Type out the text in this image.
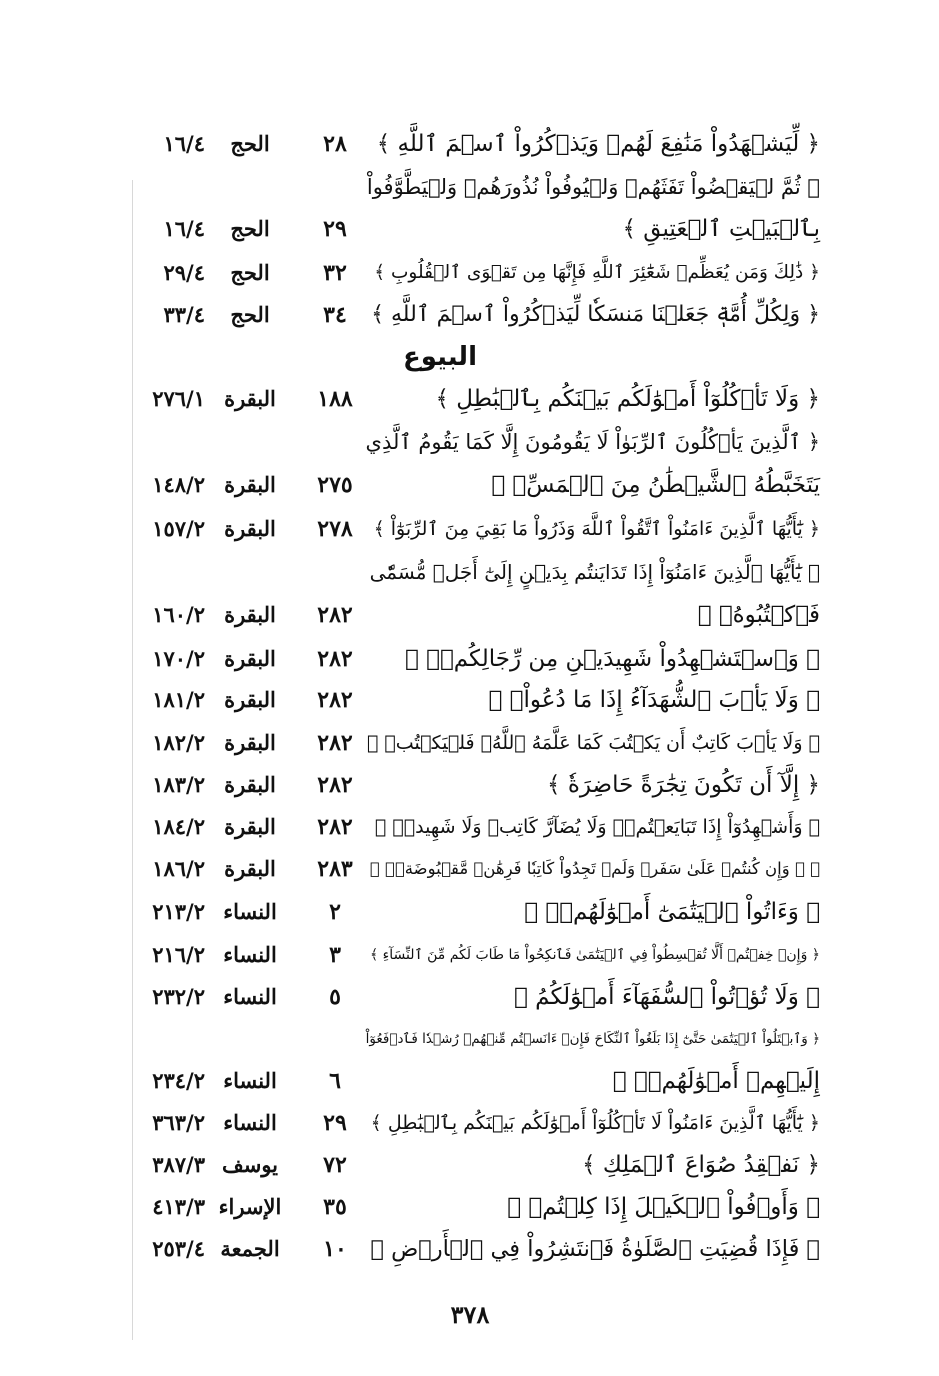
﴿ لِّيَشۡهَدُواْ مَنَٰفِعَ لَهُمۡ وَيَذۡكُرُواْ ٱسۡمَ ٱللَّهِ ﴾
٢٨
الحج
١٦/٤
﴿ ثُمَّ لۡيَقۡضُواْ تَفَثَهُمۡ وَلۡيُوفُواْ نُذُورَهُمۡ وَلۡيَطَّوَّفُواْ
بِٱلۡبَيۡتِ ٱلۡعَتِيقِ ﴾
٢٩
الحج
١٦/٤
﴿ ذَٰلِكَ وَمَن يُعَظِّمۡ شَعَٰٓئِرَ ٱللَّهِ فَإِنَّهَا مِن تَقۡوَى ٱلۡقُلُوبِ ﴾
٣٢
الحج
٢٩/٤
﴿ وَلِكُلِّ أُمَّةٖ جَعَلۡنَا مَنسَكٗا لِّيَذۡكُرُواْ ٱسۡمَ ٱللَّهِ ﴾
٣٤
الحج
٣٣/٤
﴿ وَلَا تَأۡكُلُوٓاْ أَمۡوَٰلَكُم بَيۡنَكُم بِٱلۡبَٰطِلِ ﴾
١٨٨
البقرة
٢٧٦/١
﴿ ٱلَّذِينَ يَأۡكُلُونَ ٱلرِّبَوٰاْ لَا يَقُومُونَ إِلَّا كَمَا يَقُومُ ٱلَّذِي
يَتَخَبَّطُهُ ٱلشَّيۡطَٰنُ مِنَ ٱلۡمَسِّۚ ﴾
٢٧٥
البقرة
١٤٨/٢
﴿ يَٰٓأَيُّهَا ٱلَّذِينَ ءَامَنُواْ ٱتَّقُواْ ٱللَّهَ وَذَرُواْ مَا بَقِيَ مِنَ ٱلرِّبَوٰٓاْ ﴾
٢٧٨
البقرة
١٥٧/٢
﴿ يَٰٓأَيُّهَا ٱلَّذِينَ ءَامَنُوٓاْ إِذَا تَدَايَنتُم بِدَيۡنٍ إِلَىٰٓ أَجَلٖ مُّسَمّٗى
فَٱكۡتُبُوهُۚ ﴾
٢٨٢
البقرة
١٦٠/٢
﴿ وَٱسۡتَشۡهِدُواْ شَهِيدَيۡنِ مِن رِّجَالِكُمۡۖ ﴾
٢٨٢
البقرة
١٧٠/٢
﴿ وَلَا يَأۡبَ ٱلشُّهَدَآءُ إِذَا مَا دُعُواْۚ ﴾
٢٨٢
البقرة
١٨١/٢
﴿ وَلَا يَأۡبَ كَاتِبٌ أَن يَكۡتُبَ كَمَا عَلَّمَهُ ٱللَّهُۚ فَلۡيَكۡتُبۡ ﴾
٢٨٢
البقرة
١٨٢/٢
﴿ إِلَّآ أَن تَكُونَ تِجَٰرَةً حَاضِرَةٗ ﴾
٢٨٢
البقرة
١٨٣/٢
﴿ وَأَشۡهِدُوٓاْ إِذَا تَبَايَعۡتُمۡۚ وَلَا يُضَآرَّ كَاتِبٞ وَلَا شَهِيدٞۚ ﴾
٢٨٢
البقرة
١٨٤/٢
﴿ ۞ وَإِن كُنتُمۡ عَلَىٰ سَفَرٖ وَلَمۡ تَجِدُواْ كَاتِبٗا فَرِهَٰنٞ مَّقۡبُوضَةٞۖ ﴾
٢٨٣
البقرة
١٨٦/٢
﴿ وَءَاتُواْ ٱلۡيَتَٰمَىٰٓ أَمۡوَٰلَهُمۡۖ ﴾
٢
النساء
٢١٣/٢
﴿ وَإِنۡ خِفۡتُمۡ أَلَّا تُقۡسِطُواْ فِي ٱلۡيَتَٰمَىٰ فَٱنكِحُواْ مَا طَابَ لَكُم مِّنَ ٱلنِّسَآءِ ﴾
٣
النساء
٢١٦/٢
﴿ وَلَا تُؤۡتُواْ ٱلسُّفَهَآءَ أَمۡوَٰلَكُمُ ﴾
٥
النساء
٢٣٢/٢
﴿ وَٱبۡتَلُواْ ٱلۡيَتَٰمَىٰ حَتَّىٰٓ إِذَا بَلَغُواْ ٱلنِّكَاحَ فَإِنۡ ءَانَسۡتُم مِّنۡهُمۡ رُشۡدٗا فَٱدۡفَعُوٓاْ
إِلَيۡهِمۡ أَمۡوَٰلَهُمۡۖ ﴾
٦
النساء
٢٣٤/٢
﴿ يَٰٓأَيُّهَا ٱلَّذِينَ ءَامَنُواْ لَا تَأۡكُلُوٓاْ أَمۡوَٰلَكُم بَيۡنَكُم بِٱلۡبَٰطِلِ ﴾
٢٩
النساء
٣٦٣/٢
﴿ نَفۡقِدُ صُوَاعَ ٱلۡمَلِكِ ﴾
٧٢
يوسف
٣٨٧/٣
﴿ وَأَوۡفُواْ ٱلۡكَيۡلَ إِذَا كِلۡتُمۡ ﴾
٣٥
الإسراء
٤١٣/٣
﴿ فَإِذَا قُضِيَتِ ٱلصَّلَوٰةُ فَٱنتَشِرُواْ فِي ٱلۡأَرۡضِ ﴾
١٠
الجمعة
٢٥٣/٤
البيوع
٣٧٨
